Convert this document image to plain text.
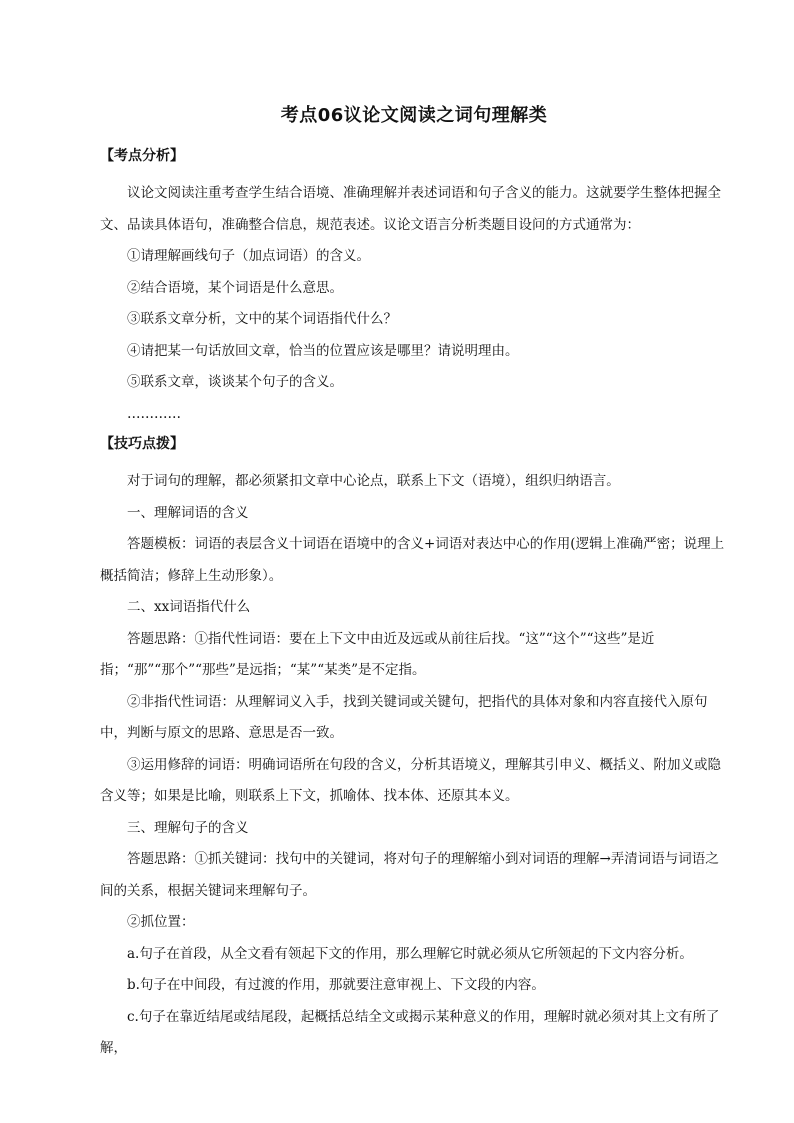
考点06议论文阅读之词句理解类
【考点分析】

议论文阅读注重考查学生结合语境、准确理解并表述词语和句子含义的能力。这就要学生整体把握全文、品读具体语句，准确整合信息，规范表述。议论文语言分析类题目设问的方式通常为：

①请理解画线句子（加点词语）的含义。

②结合语境，某个词语是什么意思。

③联系文章分析，文中的某个词语指代什么？

④请把某一句话放回文章，恰当的位置应该是哪里？请说明理由。

⑤联系文章，谈谈某个句子的含义。

…………

【技巧点拨】

对于词句的理解，都必须紧扣文章中心论点，联系上下文（语境），组织归纳语言。

一、理解词语的含义

答题模板：词语的表层含义十词语在语境中的含义+词语对表达中心的作用(逻辑上准确严密；说理上概括简洁；修辞上生动形象）。

二、xx词语指代什么

答题思路：①指代性词语：要在上下文中由近及远或从前往后找。“这”“这个”“这些”是近指；“那”“那个”“那些”是远指；“某”“某类”是不定指。

②非指代性词语：从理解词义入手，找到关键词或关键句，把指代的具体对象和内容直接代入原句中，判断与原文的思路、意思是否一致。

③运用修辞的词语：明确词语所在句段的含义，分析其语境义，理解其引申义、概括义、附加义或隐含义等；如果是比喻，则联系上下文，抓喻体、找本体、还原其本义。

三、理解句子的含义

答题思路：①抓关键词：找句中的关键词，将对句子的理解缩小到对词语的理解→弄清词语与词语之间的关系，根据关键词来理解句子。

②抓位置：

a.句子在首段，从全文看有领起下文的作用，那么理解它时就必须从它所领起的下文内容分析。

b.句子在中间段，有过渡的作用，那就要注意审视上、下文段的内容。

c.句子在靠近结尾或结尾段，起概括总结全文或揭示某种意义的作用，理解时就必须对其上文有所了解，
